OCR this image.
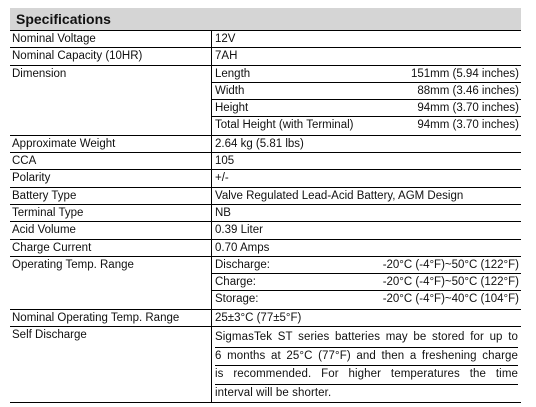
Specifications
Nominal Voltage	12V
Nominal Capacity (10HR)	7AH
Dimension	Length	151mm (5.94 inches)
Width	88mm (3.46 inches)
Height	94mm (3.70 inches)
Total Height (with Terminal)	94mm (3.70 inches)
Approximate Weight	2.64 kg (5.81 lbs)
CCA	105
Polarity	+/-
Battery Type	Valve Regulated Lead-Acid Battery, AGM Design
Terminal Type	NB
Acid Volume	0.39 Liter
Charge Current	0.70 Amps
Operating Temp. Range	Discharge:	-20°C (-4°F)~50°C (122°F)
Charge:	-20°C (-4°F)~50°C (122°F)
Storage:	-20°C (-4°F)~40°C (104°F)
Nominal Operating Temp. Range	25±3°C (77±5°F)
Self Discharge	SigmasTek ST series batteries may be stored for up to
6 months at 25°C (77°F) and then a freshening charge
is recommended. For higher temperatures the time
interval will be shorter.
